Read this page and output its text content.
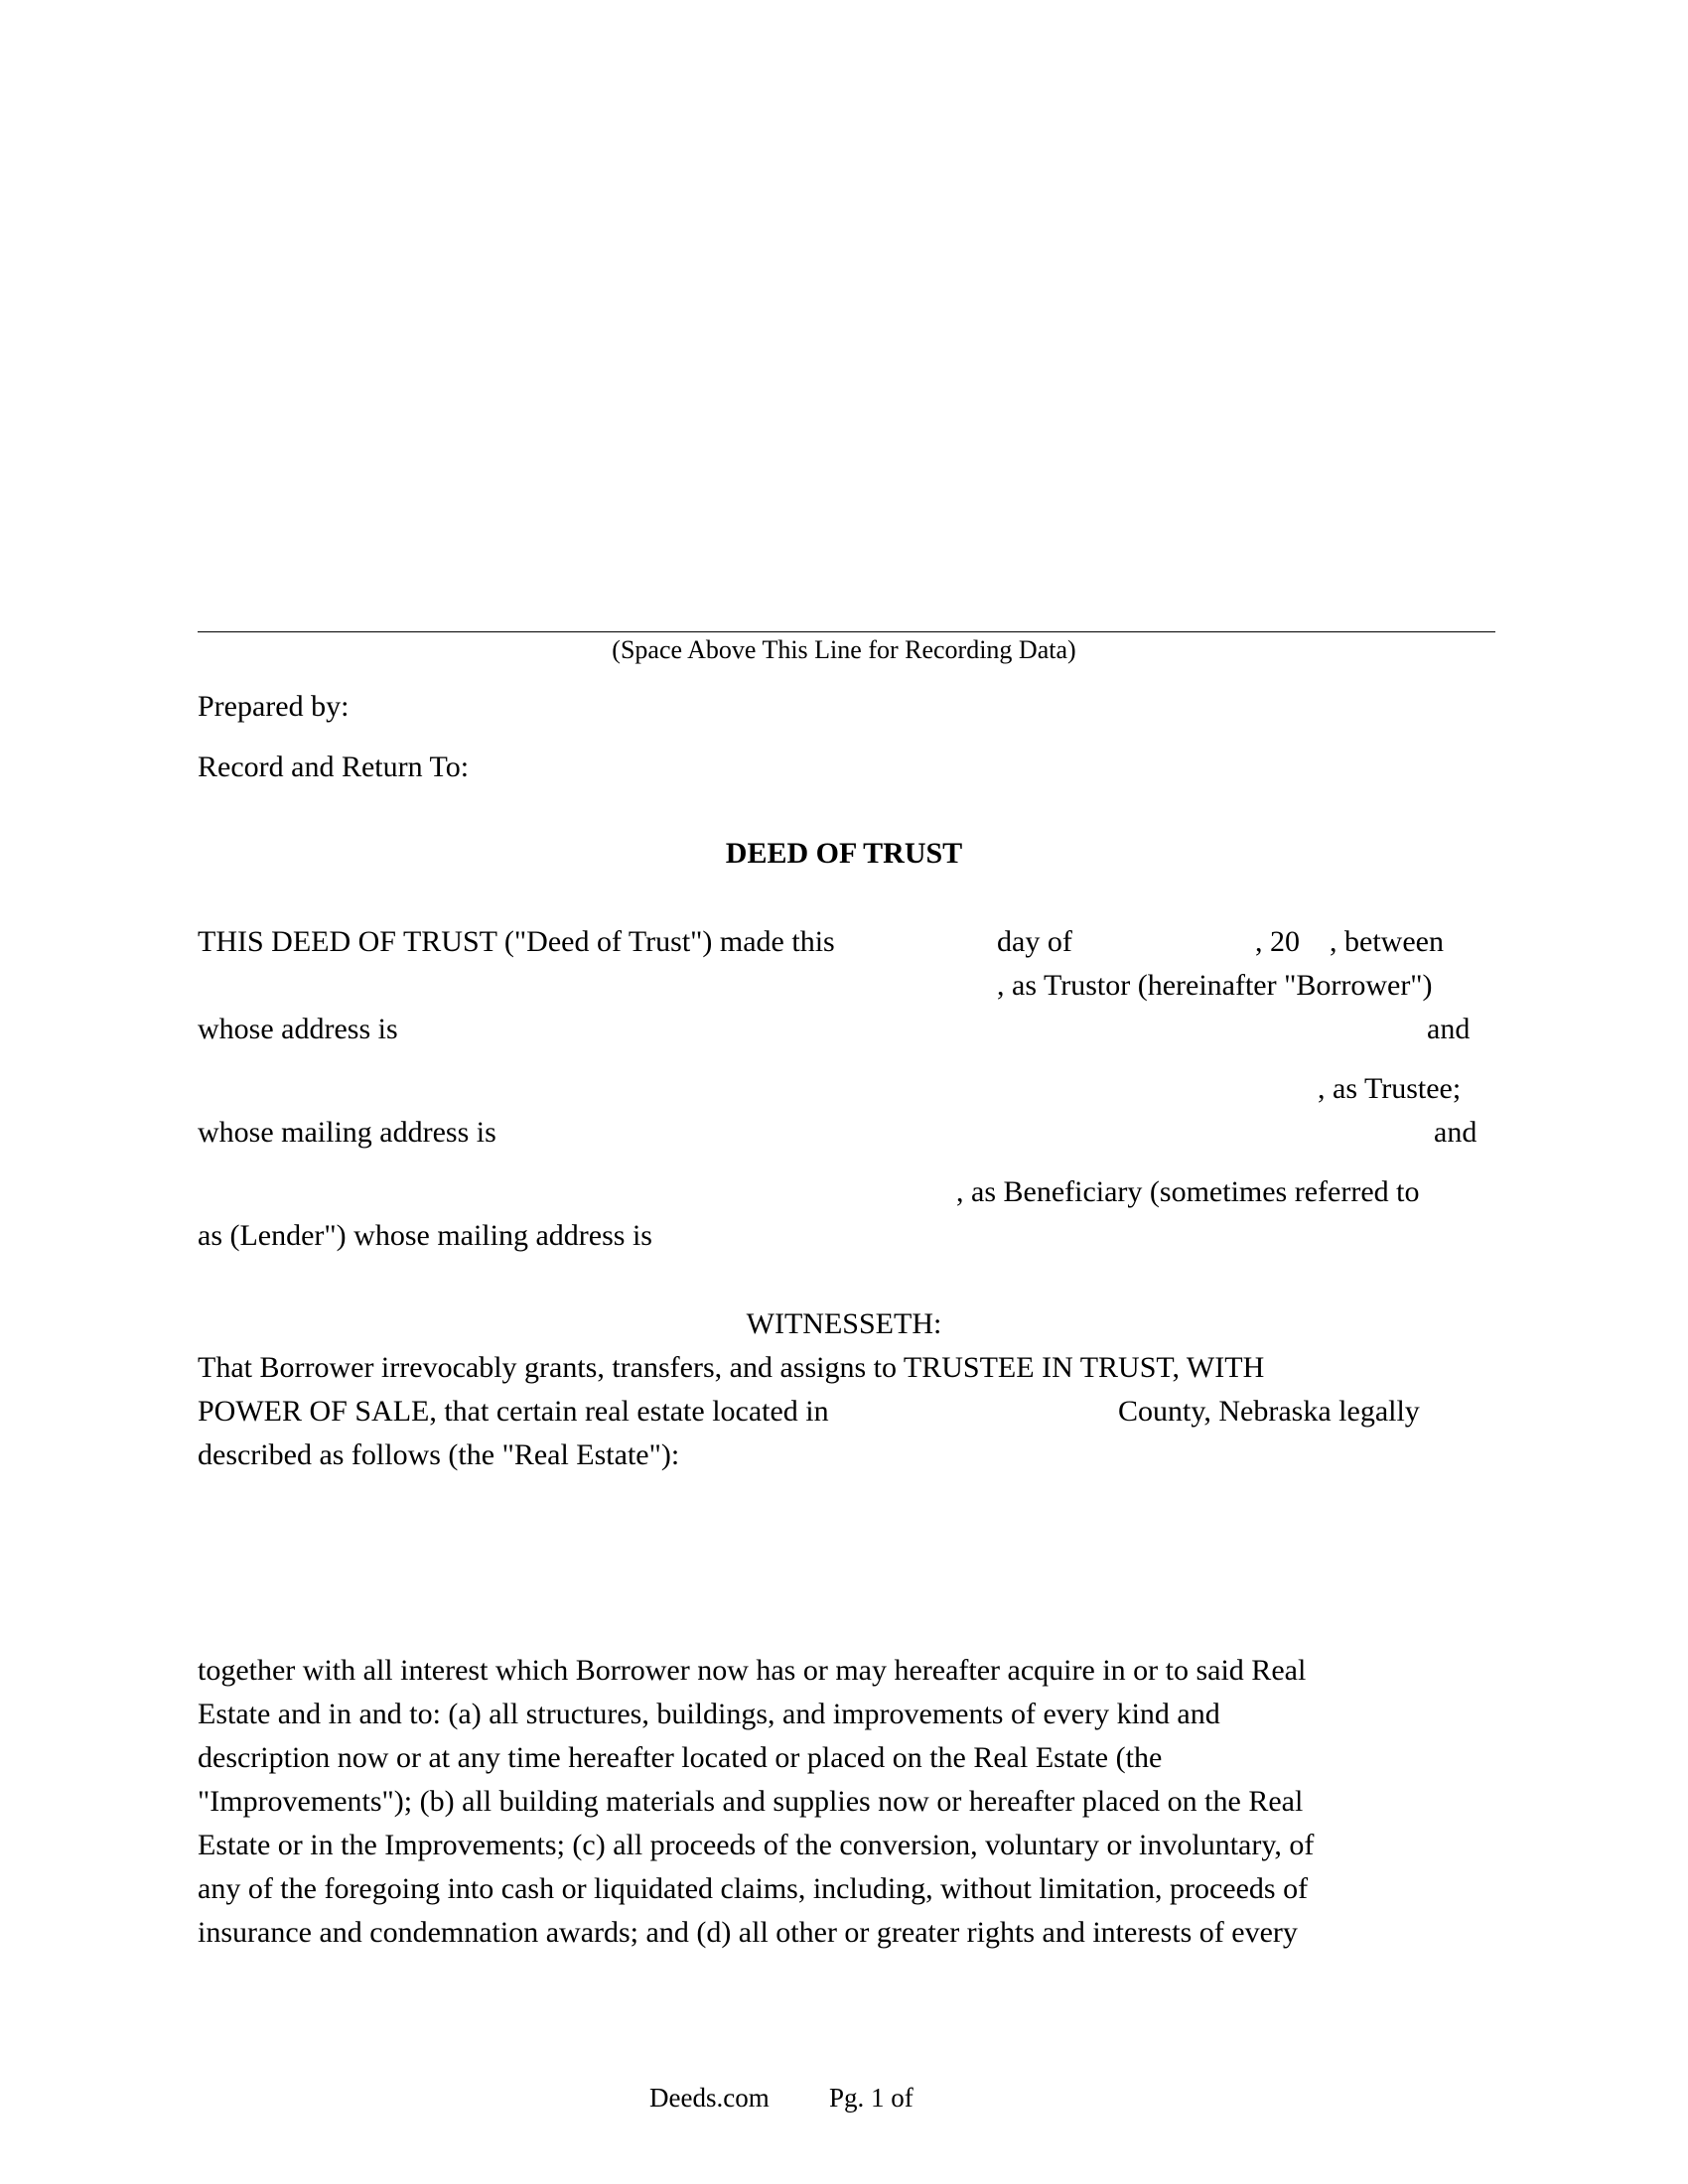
(Space Above This Line for Recording Data)
Prepared by:
Record and Return To:
DEED OF TRUST
THIS DEED OF TRUST ("Deed of Trust") made this	day of	, 20 , between
, as Trustor (hereinafter "Borrower")
whose address is	and
, as Trustee;
whose mailing address is	and
, as Beneficiary (sometimes referred to
as (Lender") whose mailing address is
WITNESSETH:
That Borrower irrevocably grants, transfers, and assigns to TRUSTEE IN TRUST, WITH
POWER OF SALE, that certain real estate located in	County, Nebraska legally
described as follows (the "Real Estate"):
together with all interest which Borrower now has or may hereafter acquire in or to said Real
Estate and in and to: (a) all structures, buildings, and improvements of every kind and
description now or at any time hereafter located or placed on the Real Estate (the
"Improvements"); (b) all building materials and supplies now or hereafter placed on the Real
Estate or in the Improvements; (c) all proceeds of the conversion, voluntary or involuntary, of
any of the foregoing into cash or liquidated claims, including, without limitation, proceeds of
insurance and condemnation awards; and (d) all other or greater rights and interests of every
Deeds.com Pg. 1 of
